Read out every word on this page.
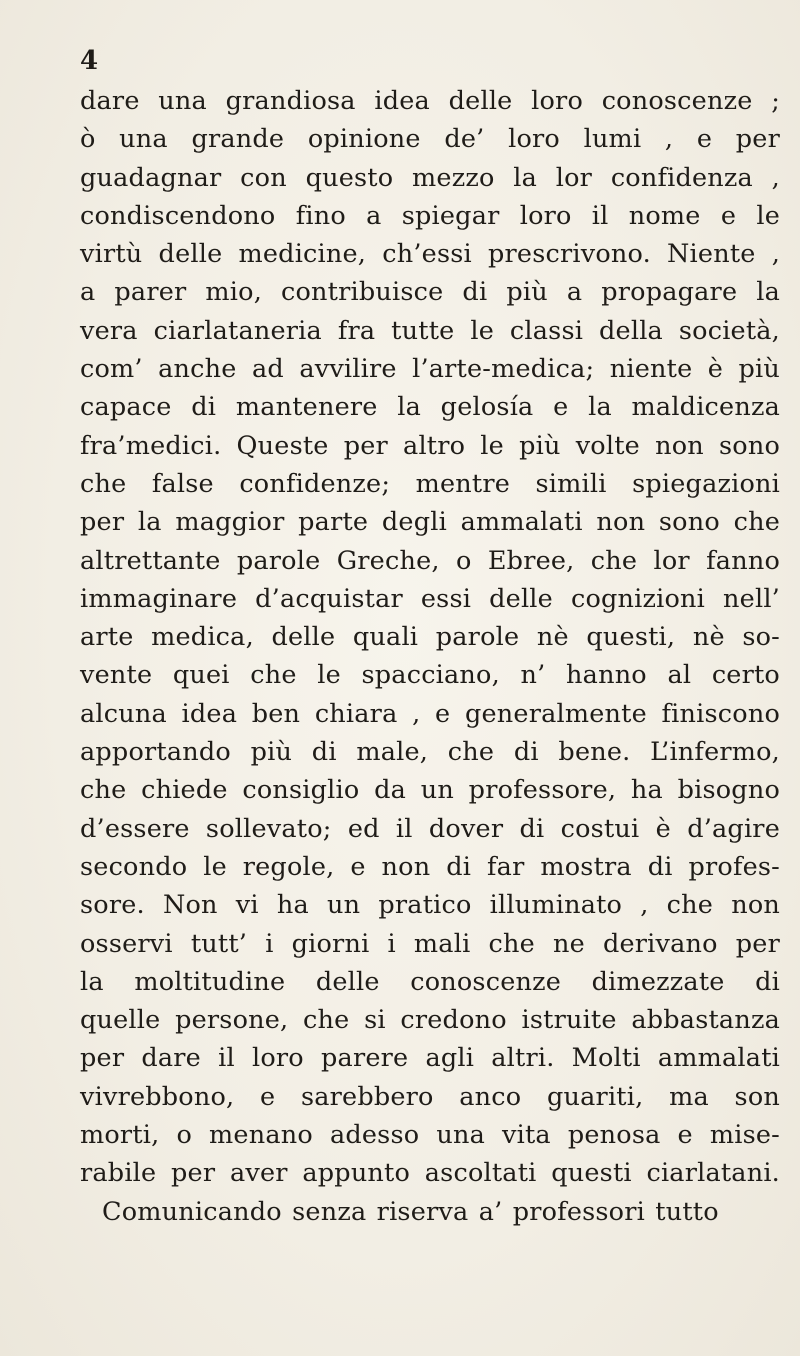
4
dare una grandiosa idea delle loro conoscenze ;
ò una grande opinione de’ loro lumi , e per
guadagnar con questo mezzo la lor confidenza ,
condiscendono fino a spiegar loro il nome e le
virtù delle medicine, ch’essi prescrivono. Niente ,
a parer mio, contribuisce di più a propagare la
vera ciarlataneria fra tutte le classi della società,
com’ anche ad avvilire l’arte-medica; niente è più
capace di mantenere la gelosía e la maldicenza
fra’medici. Queste per altro le più volte non sono
che false confidenze; mentre simili spiegazioni
per la maggior parte degli ammalati non sono che
altrettante parole Greche, o Ebree, che lor fanno
immaginare d’acquistar essi delle cognizioni nell’
arte medica, delle quali parole nè questi, nè so-
vente quei che le spacciano, n’ hanno al certo
alcuna idea ben chiara , e generalmente finiscono
apportando più di male, che di bene. L’infermo,
che chiede consiglio da un professore, ha bisogno
d’essere sollevato; ed il dover di costui è d’agire
secondo le regole, e non di far mostra di profes-
sore. Non vi ha un pratico illuminato , che non
osservi tutt’ i giorni i mali che ne derivano per
la moltitudine delle conoscenze dimezzate di
quelle persone, che si credono istruite abbastanza
per dare il loro parere agli altri. Molti ammalati
vivrebbono, e sarebbero anco guariti, ma son
morti, o menano adesso una vita penosa e mise-
rabile per aver appunto ascoltati questi ciarlatani.
Comunicando senza riserva a’ professori tutto
